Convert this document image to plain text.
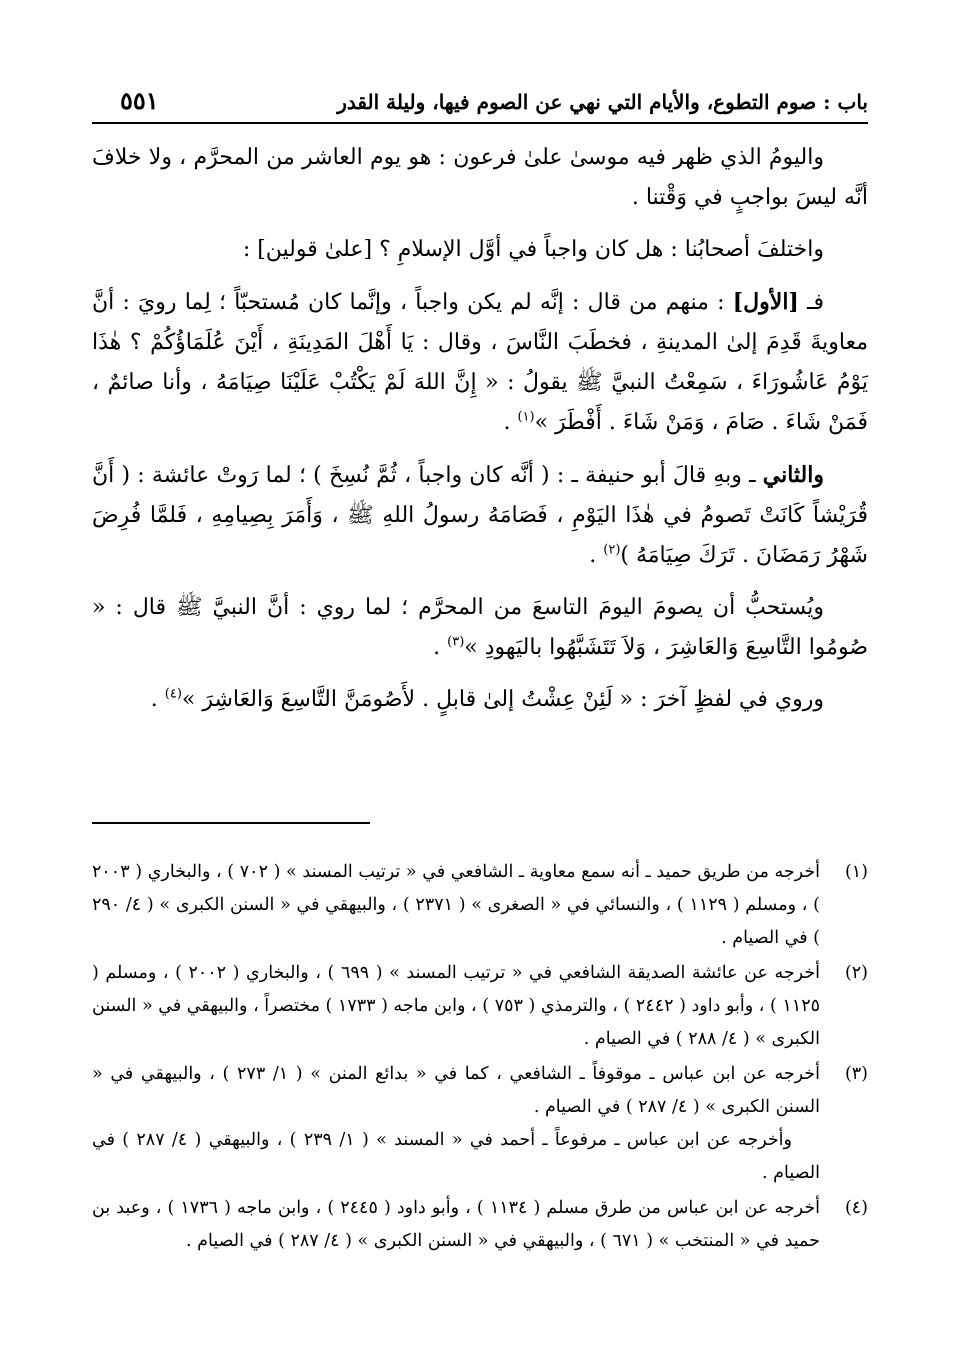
باب : صوم التطوع، والأيام التي نهي عن الصوم فيها، وليلة القدر
٥٥١

واليومُ الذي ظهر فيه موسىٰ علىٰ فرعون : هو يوم العاشر من المحرَّم ، ولا خلافَ أنَّه ليسَ بواجبٍ في وَقْتنا .

واختلفَ أصحابُنا : هل كان واجباً في أوَّل الإسلامِ ؟ [علىٰ قولين] :

فـ [الأول] : منهم من قال : إنَّه لم يكن واجباً ، وإنَّما كان مُستحبّاً ؛ لِما رويَ : أنَّ معاويةَ قَدِمَ إلىٰ المدينةِ ، فخطَبَ النَّاسَ ، وقال : يَا أَهْلَ المَدِينَةِ ، أَيْنَ عُلَمَاؤُكُمْ ؟ هٰذَا يَوْمُ عَاشُورَاءَ ، سَمِعْتُ النبيَّ ﷺ يقولُ : « إِنَّ اللهَ لَمْ يَكْتُبْ عَلَيْنَا صِيَامَهُ ، وأنا صائمٌ ، فَمَنْ شَاءَ . صَامَ ، وَمَنْ شَاءَ . أَفْطَرَ »$^{(١)}$ .

والثاني ـ وبهِ قالَ أبو حنيفة ـ : ( أنَّه كان واجباً ، ثُمَّ نُسِخَ ) ؛ لما رَوتْ عائشة : ( أَنَّ قُرَيْشاً كَانَتْ تَصومُ في هٰذَا اليَوْمِ ، فَصَامَهُ رسولُ اللهِ ﷺ ، وَأَمَرَ بِصِيامِهِ ، فَلمَّا فُرِضَ شَهْرُ رَمَضَانَ . تَرَكَ صِيَامَهُ )$^{(٢)}$ .

ويُستحبُّ أن يصومَ اليومَ التاسعَ من المحرَّم ؛ لما روي : أنَّ النبيَّ ﷺ قال : « صُومُوا التَّاسِعَ وَالعَاشِرَ ، وَلاَ تَتَشَبَّهُوا باليَهودِ »$^{(٣)}$ .

وروي في لفظٍ آخرَ : « لَئِنْ عِشْتُ إلىٰ قابلٍ . لأَصُومَنَّ التَّاسِعَ وَالعَاشِرَ »$^{(٤)}$ .

(١)

أخرجه من طريق حميد ـ أنه سمع معاوية ـ الشافعي في « ترتيب المسند » ( ٧٠٢ ) ، والبخاري ( ٢٠٠٣ ) ، ومسلم ( ١١٢٩ ) ، والنسائي في « الصغرى » ( ٢٣٧١ ) ، والبيهقي في « السنن الكبرى » ( ٤/ ٢٩٠ ) في الصيام .

(٢)

أخرجه عن عائشة الصديقة الشافعي في « ترتيب المسند » ( ٦٩٩ ) ، والبخاري ( ٢٠٠٢ ) ، ومسلم ( ١١٢٥ ) ، وأبو داود ( ٢٤٤٢ ) ، والترمذي ( ٧٥٣ ) ، وابن ماجه ( ١٧٣٣ ) مختصراً ، والبيهقي في « السنن الكبرى » ( ٤/ ٢٨٨ ) في الصيام .

(٣)

أخرجه عن ابن عباس ـ موقوفاً ـ الشافعي ، كما في « بدائع المنن » ( ١/ ٢٧٣ ) ، والبيهقي في « السنن الكبرى » ( ٤/ ٢٨٧ ) في الصيام .

وأخرجه عن ابن عباس ـ مرفوعاً ـ أحمد في « المسند » ( ١/ ٢٣٩ ) ، والبيهقي ( ٤/ ٢٨٧ ) في الصيام .

(٤)

أخرجه عن ابن عباس من طرق مسلم ( ١١٣٤ ) ، وأبو داود ( ٢٤٤٥ ) ، وابن ماجه ( ١٧٣٦ ) ، وعبد بن حميد في « المنتخب » ( ٦٧١ ) ، والبيهقي في « السنن الكبرى » ( ٤/ ٢٨٧ ) في الصيام .
